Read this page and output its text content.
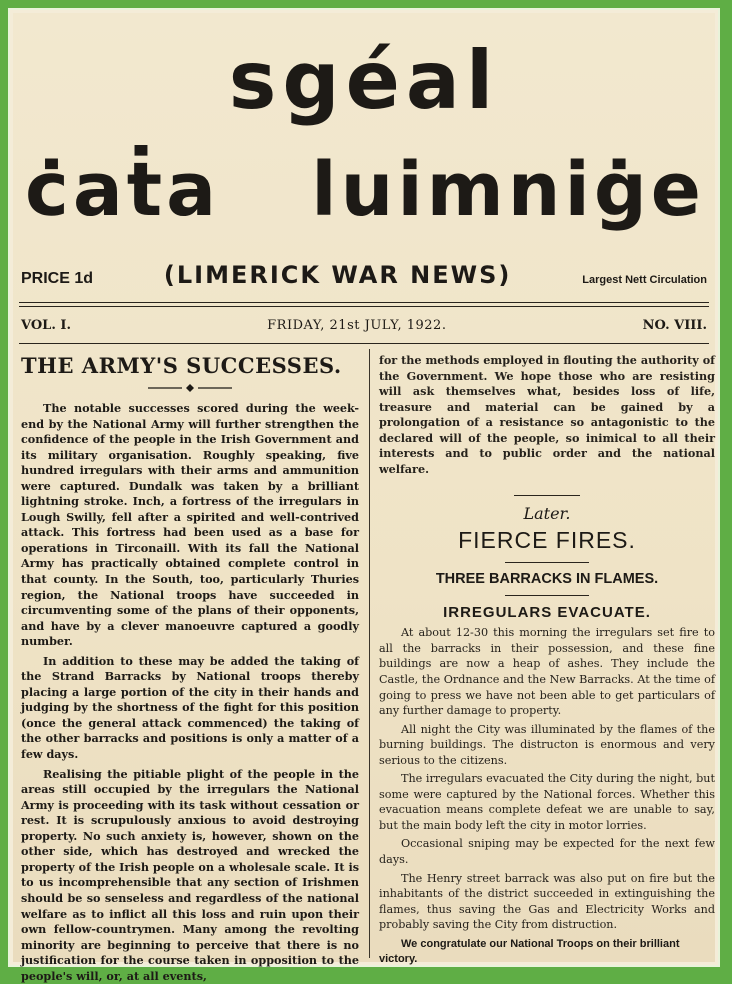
sgéal
ċaṫa luimniġe
PRICE 1d	(LIMERICK WAR NEWS)	Largest Nett Circulation
VOL. I.	FRIDAY, 21st JULY, 1922.	NO. VIII.
THE ARMY'S SUCCESSES.

The notable successes scored during the week-end by the National Army will further strengthen the confidence of the people in the Irish Government and its military organisation. Roughly speaking, five hundred irregulars with their arms and ammunition were captured. Dundalk was taken by a brilliant lightning stroke. Inch, a fortress of the irregulars in Lough Swilly, fell after a spirited and well-contrived attack. This fortress had been used as a base for operations in Tirconaill. With its fall the National Army has practically obtained complete control in that county. In the South, too, particularly Thuries region, the National troops have succeeded in circumventing some of the plans of their opponents, and have by a clever manoeuvre captured a goodly number.

In addition to these may be added the taking of the Strand Barracks by National troops thereby placing a large portion of the city in their hands and judging by the shortness of the fight for this position (once the general attack commenced) the taking of the other barracks and positions is only a matter of a few days.

Realising the pitiable plight of the people in the areas still occupied by the irregulars the National Army is proceeding with its task without cessation or rest. It is scrupulously anxious to avoid destroying property. No such anxiety is, however, shown on the other side, which has destroyed and wrecked the property of the Irish people on a wholesale scale. It is to us incomprehensible that any section of Irishmen should be so senseless and regardless of the national welfare as to inflict all this loss and ruin upon their own fellow-countrymen. Many among the revolting minority are beginning to perceive that there is no justification for the course taken in opposition to the people's will, or, at all events,

for the methods employed in flouting the authority of the Government. We hope those who are resisting will ask themselves what, besides loss of life, treasure and material can be gained by a prolongation of a resistance so antagonistic to the declared will of the people, so inimical to all their interests and to public order and the national welfare.

Later.
FIERCE FIRES.
THREE BARRACKS IN FLAMES.
IRREGULARS EVACUATE.

At about 12-30 this morning the irregulars set fire to all the barracks in their possession, and these fine buildings are now a heap of ashes. They include the Castle, the Ordnance and the New Barracks. At the time of going to press we have not been able to get particulars of any further damage to property.

All night the City was illuminated by the flames of the burning buildings. The distructon is enormous and very serious to the citizens.

The irregulars evacuated the City during the night, but some were captured by the National forces. Whether this evacuation means complete defeat we are unable to say, but the main body left the city in motor lorries.

Occasional sniping may be expected for the next few days.

The Henry street barrack was also put on fire but the inhabitants of the district succeeded in extinguishing the flames, thus saving the Gas and Electricity Works and probably saving the City from distruction.

We congratulate our National Troops on their brilliant victory.
